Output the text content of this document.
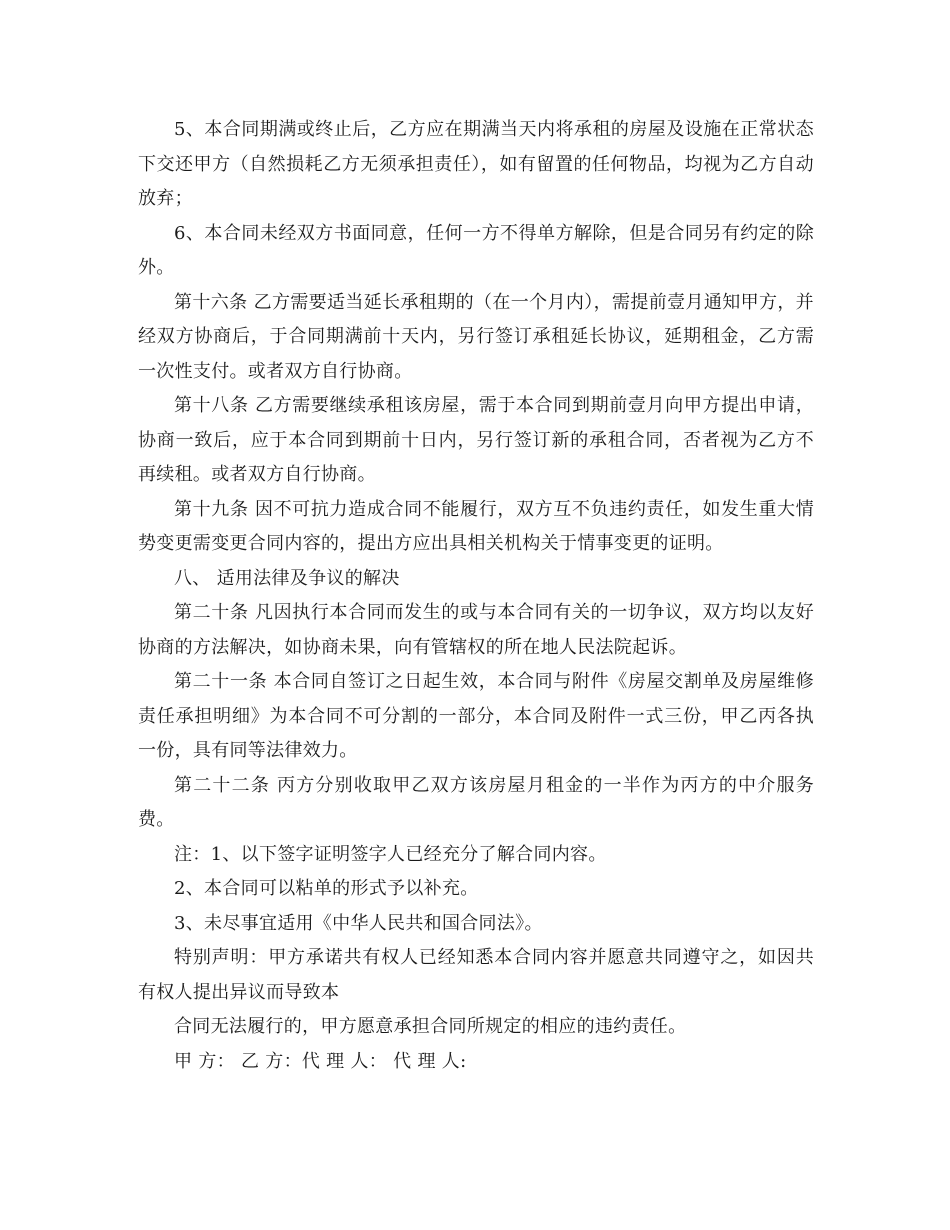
5、本合同期满或终止后，乙方应在期满当天内将承租的房屋及设施在正常状态下交还甲方（自然损耗乙方无须承担责任），如有留置的任何物品，均视为乙方自动放弃；

6、本合同未经双方书面同意，任何一方不得单方解除，但是合同另有约定的除外。

第十六条 乙方需要适当延长承租期的（在一个月内），需提前壹月通知甲方，并经双方协商后，于合同期满前十天内，另行签订承租延长协议，延期租金，乙方需一次性支付。或者双方自行协商。

第十八条 乙方需要继续承租该房屋，需于本合同到期前壹月向甲方提出申请，协商一致后，应于本合同到期前十日内，另行签订新的承租合同，否者视为乙方不再续租。或者双方自行协商。

第十九条 因不可抗力造成合同不能履行，双方互不负违约责任，如发生重大情势变更需变更合同内容的，提出方应出具相关机构关于情事变更的证明。

八、 适用法律及争议的解决

第二十条 凡因执行本合同而发生的或与本合同有关的一切争议，双方均以友好协商的方法解决，如协商未果，向有管辖权的所在地人民法院起诉。

第二十一条 本合同自签订之日起生效，本合同与附件《房屋交割单及房屋维修责任承担明细》为本合同不可分割的一部分，本合同及附件一式三份，甲乙丙各执一份，具有同等法律效力。

第二十二条 丙方分别收取甲乙双方该房屋月租金的一半作为丙方的中介服务费。

注：1、以下签字证明签字人已经充分了解合同内容。

2、本合同可以粘单的形式予以补充。

3、未尽事宜适用《中华人民共和国合同法》。

特别声明：甲方承诺共有权人已经知悉本合同内容并愿意共同遵守之，如因共有权人提出异议而导致本

合同无法履行的，甲方愿意承担合同所规定的相应的违约责任。

甲 方： 乙 方：代 理 人： 代 理 人:
